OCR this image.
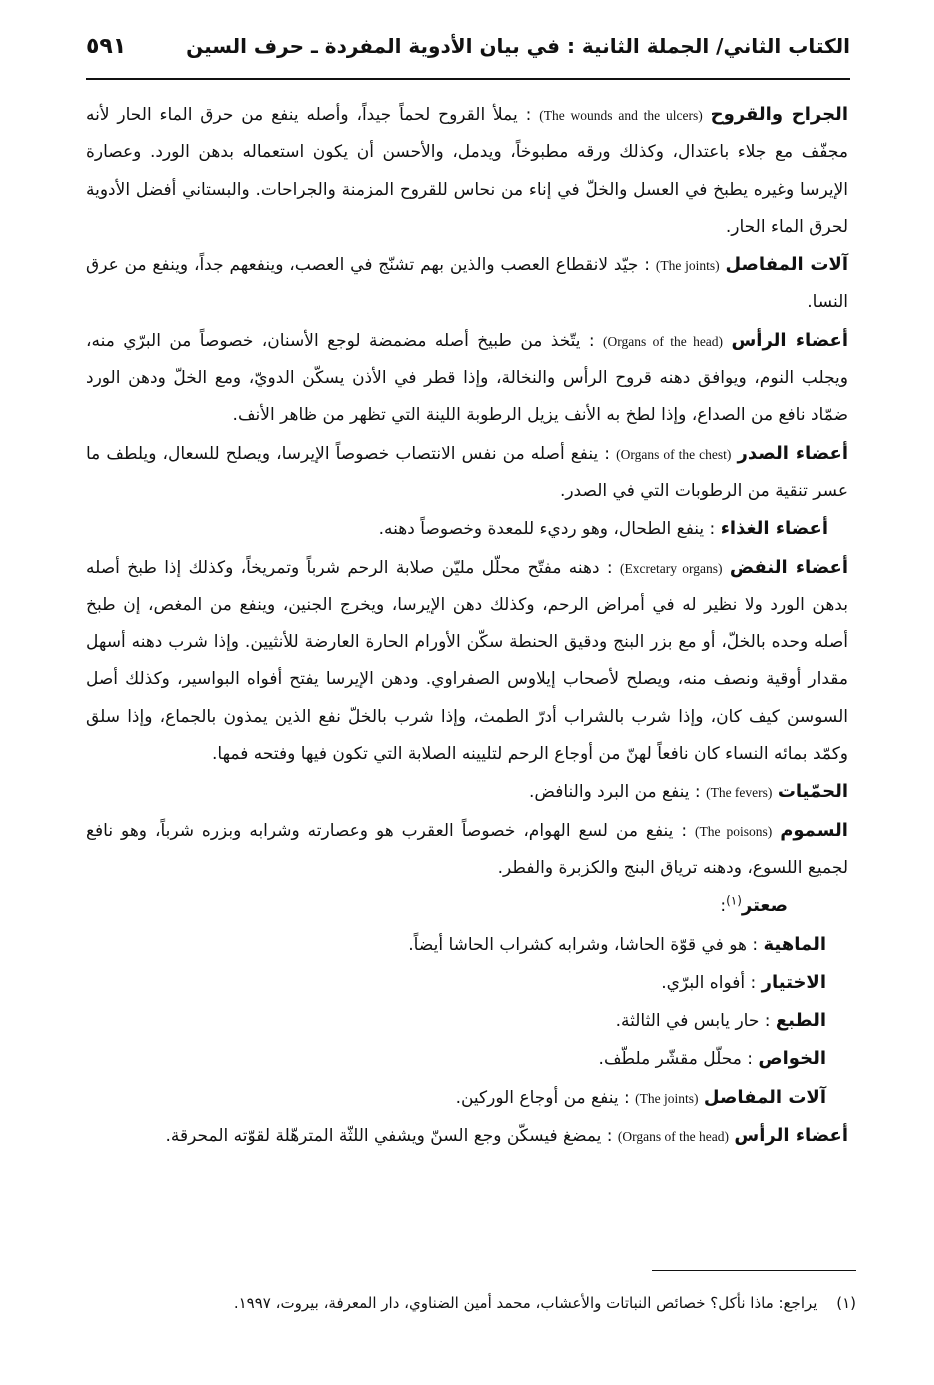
الكتاب الثاني/ الجملة الثانية : في بيان الأدوية المفردة ـ حرف السين
٥٩١

الجراح والقروح (The wounds and the ulcers) : يملأ القروح لحماً جيداً، وأصله ينفع من حرق الماء الحار لأنه مجفّف مع جلاء باعتدال، وكذلك ورقه مطبوخاً، ويدمل، والأحسن أن يكون استعماله بدهن الورد. وعصارة الإيرسا وغيره يطبخ في العسل والخلّ في إناء من نحاس للقروح المزمنة والجراحات. والبستاني أفضل الأدوية لحرق الماء الحار.

آلات المفاصل (The joints) : جيّد لانقطاع العصب والذين بهم تشنّج في العصب، وينفعهم جداً، وينفع من عرق النسا.

أعضاء الرأس (Organs of the head) : يتّخذ من طبيخ أصله مضمضة لوجع الأسنان، خصوصاً من البرّي منه، ويجلب النوم، ويوافق دهنه قروح الرأس والنخالة، وإذا قطر في الأذن يسكّن الدويّ، ومع الخلّ ودهن الورد ضمّاد نافع من الصداع، وإذا لطخ به الأنف يزيل الرطوبة اللينة التي تظهر من ظاهر الأنف.

أعضاء الصدر (Organs of the chest) : ينفع أصله من نفس الانتصاب خصوصاً الإيرسا، ويصلح للسعال، ويلطف ما عسر تنقية من الرطوبات التي في الصدر.

أعضاء الغذاء : ينفع الطحال، وهو رديء للمعدة وخصوصاً دهنه.

أعضاء النفض (Excretary organs) : دهنه مفتّح محلّل مليّن صلابة الرحم شرباً وتمريخاً، وكذلك إذا طبخ أصله بدهن الورد ولا نظير له في أمراض الرحم، وكذلك دهن الإيرسا، ويخرج الجنين، وينفع من المغص، إن طبخ أصله وحده بالخلّ، أو مع بزر البنج ودقيق الحنطة سكّن الأورام الحارة العارضة للأنثيين. وإذا شرب دهنه أسهل مقدار أوقية ونصف منه، ويصلح لأصحاب إيلاوس الصفراوي. ودهن الإيرسا يفتح أفواه البواسير، وكذلك أصل السوسن كيف كان، وإذا شرب بالشراب أدرّ الطمث، وإذا شرب بالخلّ نفع الذين يمذون بالجماع، وإذا سلق وكمّد بمائه النساء كان نافعاً لهنّ من أوجاع الرحم لتليينه الصلابة التي تكون فيها وفتحه فمها.

الحمّيات (The fevers) : ينفع من البرد والنافض.

السموم (The poisons) : ينفع من لسع الهوام، خصوصاً العقرب هو وعصارته وشرابه وبزره شرباً، وهو نافع لجميع اللسوع، ودهنه ترياق البنج والكزبرة والفطر.

صعتر$^{(١)}$:

الماهية : هو في قوّة الحاشا، وشرابه كشراب الحاشا أيضاً.

الاختيار : أفواه البرّي.

الطبع : حار يابس في الثالثة.

الخواص : محلّل مقشّر ملطّف.

آلات المفاصل (The joints) : ينفع من أوجاع الوركين.

أعضاء الرأس (Organs of the head) : يمضغ فيسكّن وجع السنّ ويشفي اللثّة المترهّلة لقوّته المحرقة.

(١) يراجع: ماذا نأكل؟ خصائص النباتات والأعشاب، محمد أمين الضناوي، دار المعرفة، بيروت، ١٩٩٧.
